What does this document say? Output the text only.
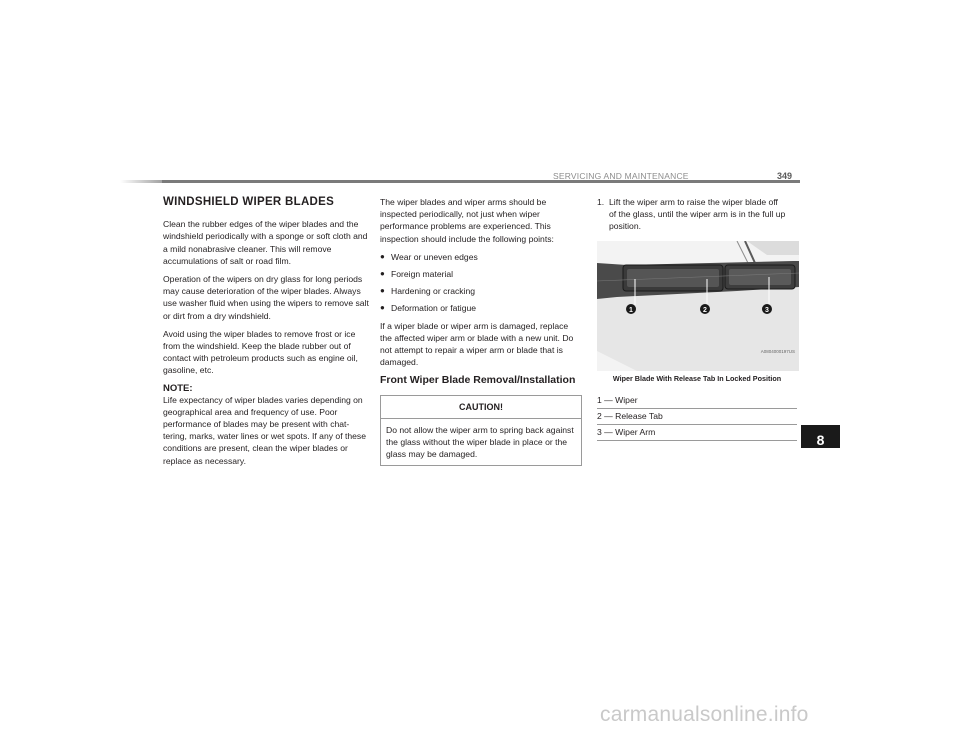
SERVICING AND MAINTENANCE	349
WINDSHIELD WIPER BLADES

Clean the rubber edges of the wiper blades and the windshield periodically with a sponge or soft cloth and a mild nonabrasive cleaner. This will remove accumulations of salt or road film.

Operation of the wipers on dry glass for long periods may cause deterioration of the wiper blades. Always use washer fluid when using the wipers to remove salt or dirt from a dry windshield.

Avoid using the wiper blades to remove frost or ice from the windshield. Keep the blade rubber out of contact with petroleum products such as engine oil, gasoline, etc.

NOTE:

Life expectancy of wiper blades varies depending on geographical area and frequency of use. Poor performance of blades may be present with chat-tering, marks, water lines or wet spots. If any of these conditions are present, clean the wiper blades or replace as necessary.

The wiper blades and wiper arms should be inspected periodically, not just when wiper performance problems are experienced. This inspection should include the following points:

● Wear or uneven edges
● Foreign material
● Hardening or cracking
● Deformation or fatigue

If a wiper blade or wiper arm is damaged, replace the affected wiper arm or blade with a new unit. Do not attempt to repair a wiper arm or blade that is damaged.

Front Wiper Blade Removal/Installation
CAUTION!
Do not allow the wiper arm to spring back against the glass without the wiper blade in place or the glass may be damaged.
1. Lift the wiper arm to raise the wiper blade off of the glass, until the wiper arm is in the full up position.
1	2	3
A0804000197US
Wiper Blade With Release Tab In Locked Position
1 — Wiper
2 — Release Tab
3 — Wiper Arm	8
carmanualsonline.info
